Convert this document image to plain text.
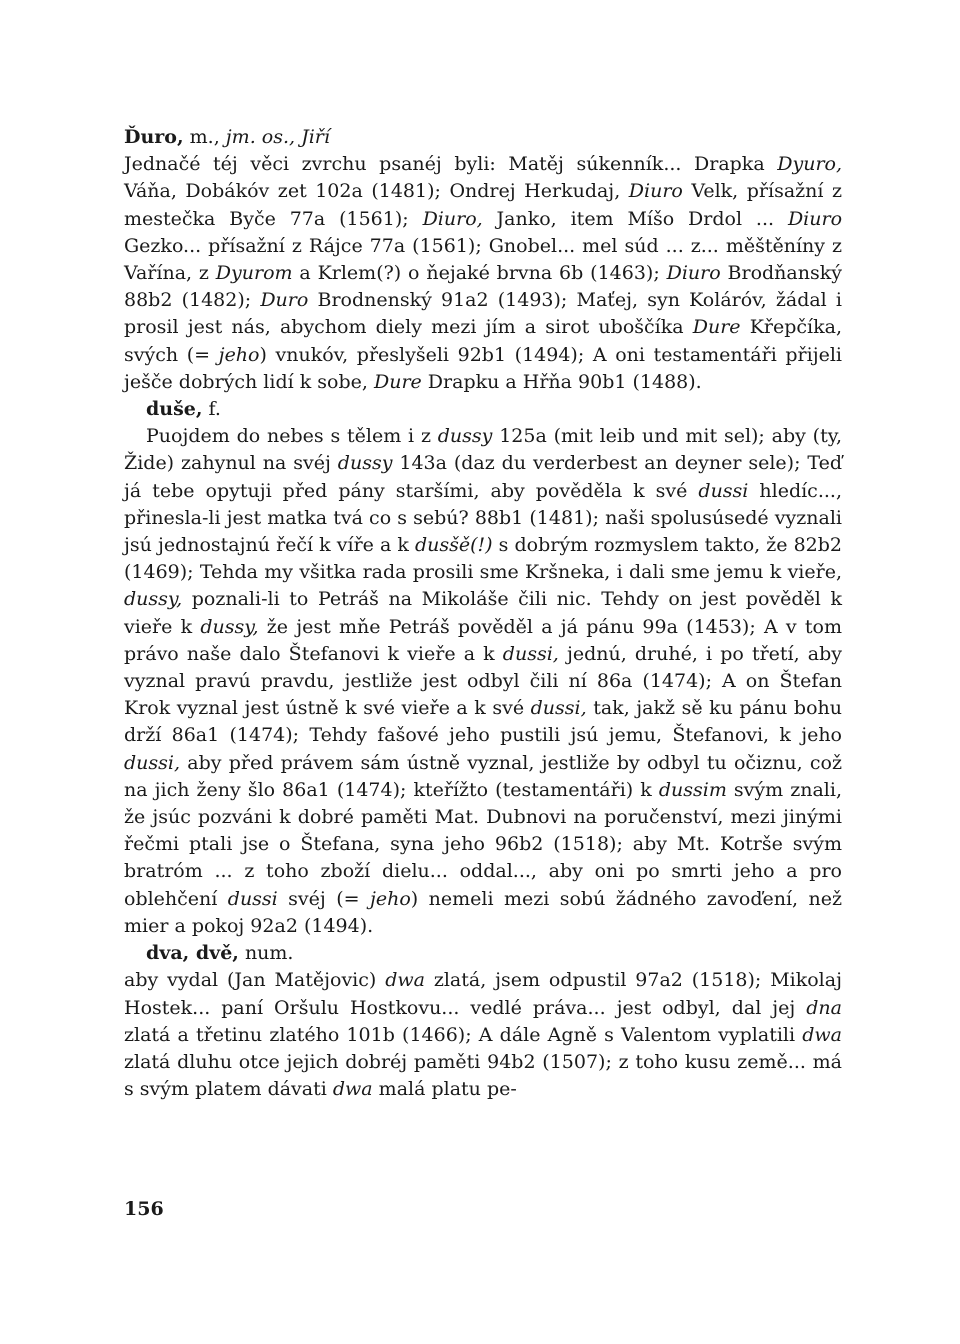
Ďuro, m., jm. os., Jiří
Jednačé téj věci zvrchu psanéj byli: Matěj súkenník... Drapka Dyuro, Váňa, Dobákóv zet 102a (1481); Ondrej Herkudaj, Diuro Velk, přísažní z mestečka Byče 77a (1561); Diuro, Janko, item Míšo Drdol ... Diuro Gezko... přísažní z Rájce 77a (1561); Gnobel... mel súd ... z... měštěníny z Vařína, z Dyurom a Krlem(?) o ňejaké brvna 6b (1463); Diuro Brodňanský 88b2 (1482); Duro Brodnenský 91a2 (1493); Maťej, syn Koláróv, žádal i prosil jest nás, abychom diely mezi jím a sirot uboščíka Dure Křepčíka, svých (= jeho) vnukóv, přeslyšeli 92b1 (1494); A oni testamentáři přijeli ješče dobrých lidí k sobe, Dure Drapku a Hřňa 90b1 (1488).
duše, f.
Puojdem do nebes s tělem i z dussy 125a (mit leib und mit sel); aby (ty, Žide) zahynul na svéj dussy 143a (daz du verderbest an deyner sele); Teď já tebe opytuji před pány staršími, aby pověděla k své dussi hledíc..., přinesla-li jest matka tvá co s sebú? 88b1 (1481); naši spolusúsedé vyznali jsú jednostajnú řečí k víře a k dusšě(!) s dobrým rozmyslem takto, že 82b2 (1469); Tehda my všitka rada prosili sme Kršneka, i dali sme jemu k vieře, dussy, poznali-li to Petráš na Mikoláše čili nic. Tehdy on jest pověděl k vieře k dussy, že jest mňe Petráš pověděl a já pánu 99a (1453); A v tom právo naše dalo Štefanovi k vieře a k dussi, jednú, druhé, i po třetí, aby vyznal pravú pravdu, jestliže jest odbyl čili ní 86a (1474); A on Štefan Krok vyznal jest ústně k své vieře a k své dussi, tak, jakž sě ku pánu bohu drží 86a1 (1474); Tehdy fašové jeho pustili jsú jemu, Štefanovi, k jeho dussi, aby před právem sám ústně vyznal, jestliže by odbyl tu očiznu, což na jich ženy šlo 86a1 (1474); kteřížto (testamentáři) k dussim svým znali, že jsúc pozváni k dobré paměti Mat. Dubnovi na poručenství, mezi jinými řečmi ptali jse o Štefana, syna jeho 96b2 (1518); aby Mt. Kotrše svým bratróm ... z toho zboží dielu... oddal..., aby oni po smrti jeho a pro oblehčení dussi svéj (= jeho) nemeli mezi sobú žádného zavoďení, než mier a pokoj 92a2 (1494).
dva, dvě, num.
aby vydal (Jan Matějovic) dwa zlatá, jsem odpustil 97a2 (1518); Mikolaj Hostek... paní Oršulu Hostkovu... vedlé práva... jest odbyl, dal jej dna zlatá a třetinu zlatého 101b (1466); A dále Agně s Valentom vyplatili dwa zlatá dluhu otce jejich dobréj paměti 94b2 (1507); z toho kusu země... má s svým platem dávati dwa malá platu pe-
156
